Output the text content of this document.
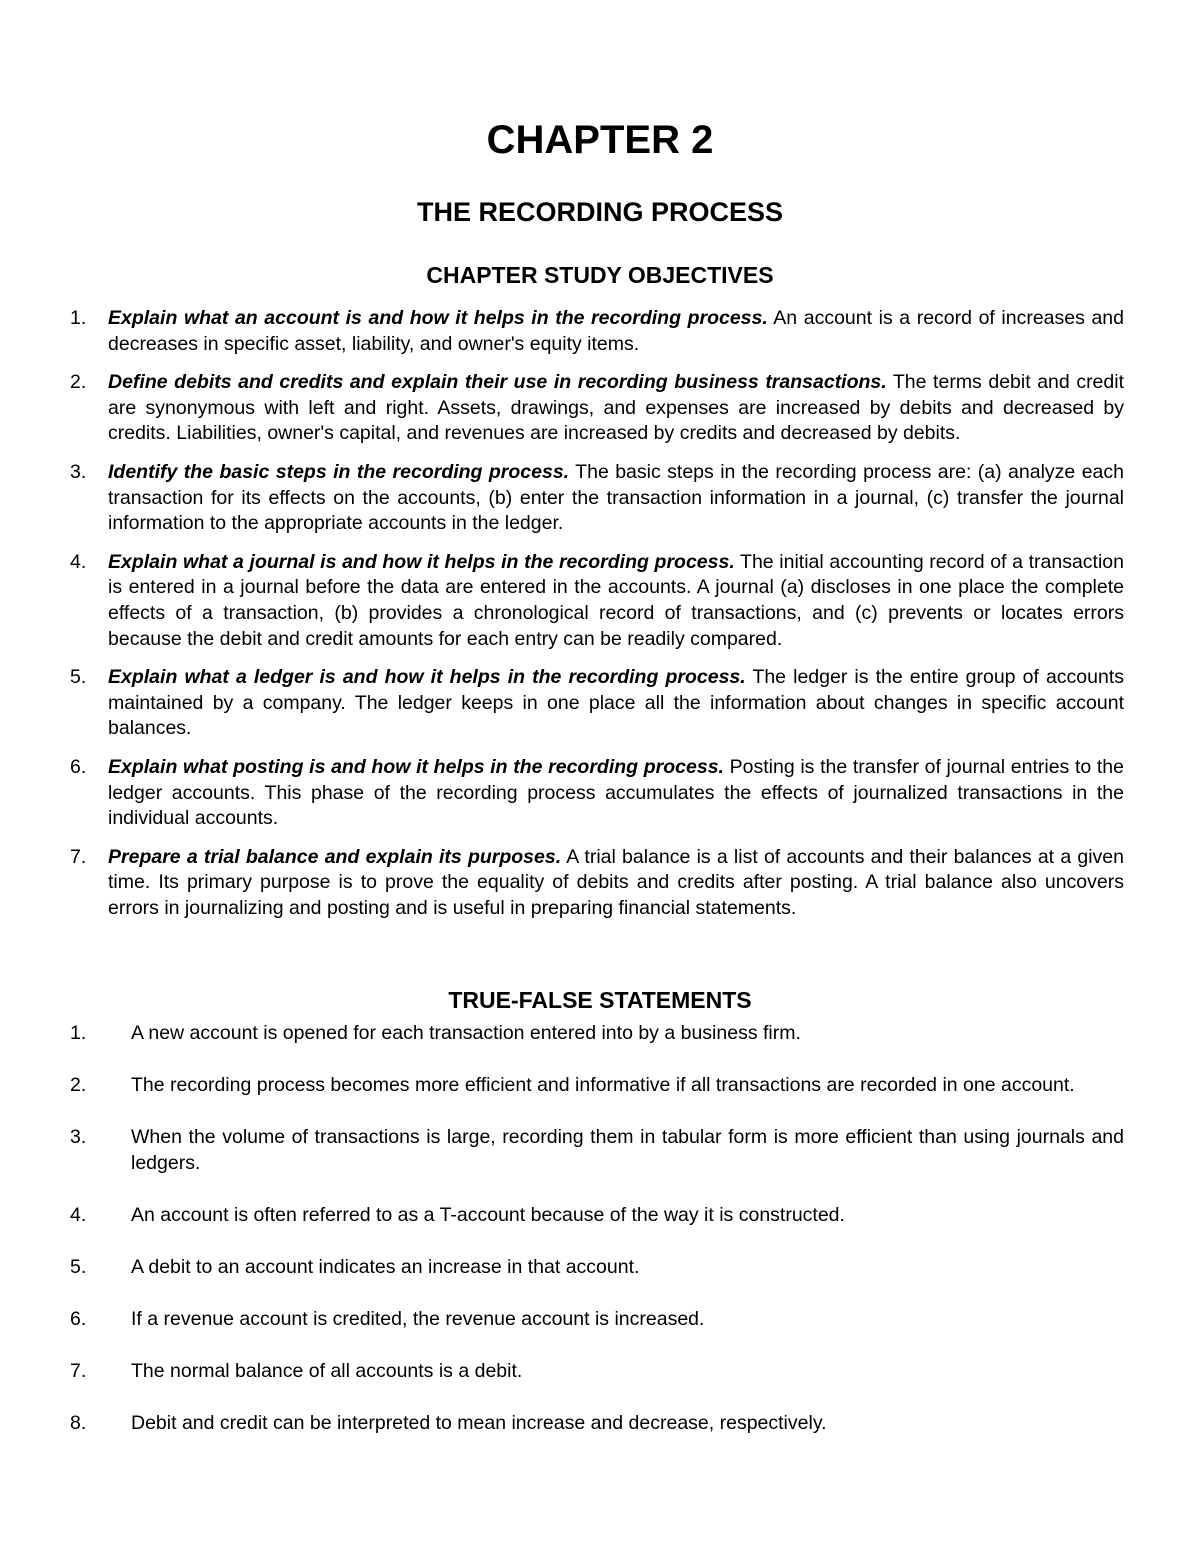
CHAPTER 2
THE RECORDING PROCESS
CHAPTER STUDY OBJECTIVES
1.	Explain what an account is and how it helps in the recording process. An account is a record of increases and decreases in specific asset, liability, and owner's equity items.
2.	Define debits and credits and explain their use in recording business transactions. The terms debit and credit are synonymous with left and right. Assets, drawings, and expenses are increased by debits and decreased by credits. Liabilities, owner's capital, and revenues are increased by credits and decreased by debits.
3.	Identify the basic steps in the recording process. The basic steps in the recording process are: (a) analyze each transaction for its effects on the accounts, (b) enter the transaction information in a journal, (c) transfer the journal information to the appropriate accounts in the ledger.
4.	Explain what a journal is and how it helps in the recording process. The initial accounting record of a transaction is entered in a journal before the data are entered in the accounts. A journal (a) discloses in one place the complete effects of a transaction, (b) provides a chronological record of transactions, and (c) prevents or locates errors because the debit and credit amounts for each entry can be readily compared.
5.	Explain what a ledger is and how it helps in the recording process. The ledger is the entire group of accounts maintained by a company. The ledger keeps in one place all the information about changes in specific account balances.
6.	Explain what posting is and how it helps in the recording process. Posting is the transfer of journal entries to the ledger accounts. This phase of the recording process accumulates the effects of journalized transactions in the individual accounts.
7.	Prepare a trial balance and explain its purposes. A trial balance is a list of accounts and their balances at a given time. Its primary purpose is to prove the equality of debits and credits after posting. A trial balance also uncovers errors in journalizing and posting and is useful in preparing financial statements.
TRUE-FALSE STATEMENTS
1.	A new account is opened for each transaction entered into by a business firm.
2.	The recording process becomes more efficient and informative if all transactions are recorded in one account.
3.	When the volume of transactions is large, recording them in tabular form is more efficient than using journals and ledgers.
4.	An account is often referred to as a T-account because of the way it is constructed.
5.	A debit to an account indicates an increase in that account.
6.	If a revenue account is credited, the revenue account is increased.
7.	The normal balance of all accounts is a debit.
8.	Debit and credit can be interpreted to mean increase and decrease, respectively.
